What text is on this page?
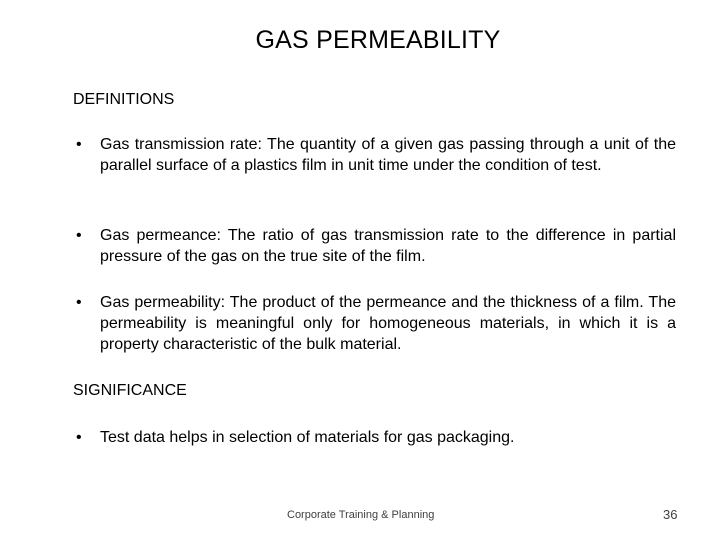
GAS PERMEABILITY
DEFINITIONS
•	Gas transmission rate: The quantity of a given gas passing through a unit of the parallel surface of a plastics film in unit time under the condition of test.
•	Gas permeance: The ratio of gas transmission rate to the difference in partial pressure of the gas on the true site of the film.
•	Gas permeability: The product of the permeance and the thickness of a film. The permeability is meaningful only for homogeneous materials, in which it is a property characteristic of the bulk material.
SIGNIFICANCE
•	Test data helps in selection of materials for gas packaging.
Corporate Training & Planning	36
